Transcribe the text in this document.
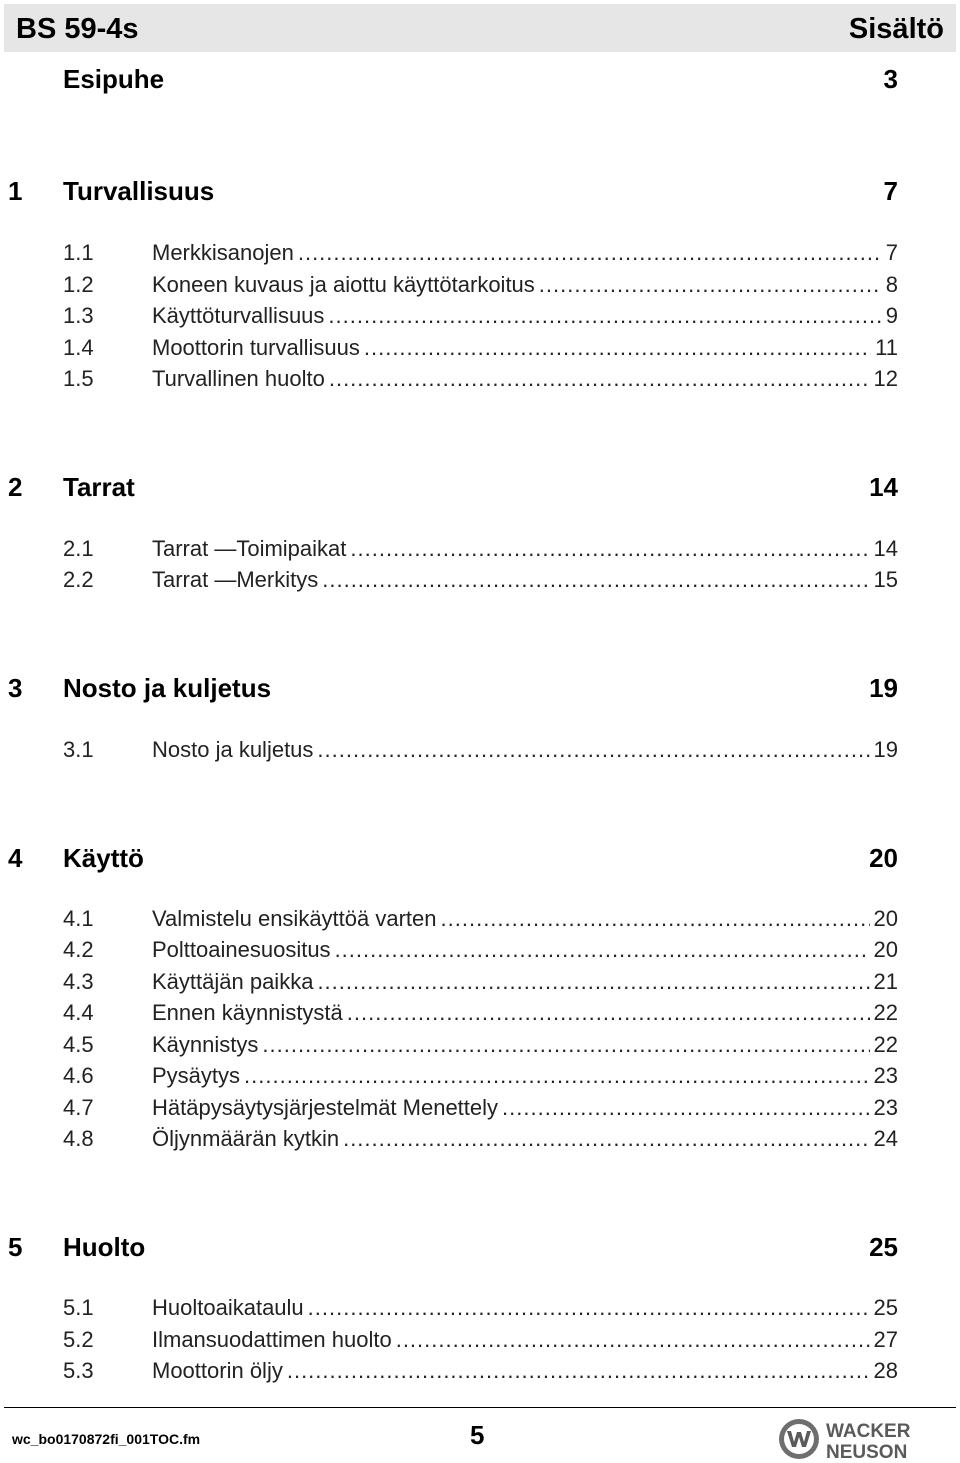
BS 59-4s	Sisältö
Esipuhe	3
1 Turvallisuus	7
1.1	Merkkisanojen .....	7
1.2	Koneen kuvaus ja aiottu käyttötarkoitus .....	8
1.3	Käyttöturvallisuus .....	9
1.4	Moottorin turvallisuus .....	11
1.5	Turvallinen huolto .....	12
2 Tarrat	14
2.1	Tarrat —Toimipaikat .....	14
2.2	Tarrat —Merkitys .....	15
3 Nosto ja kuljetus	19
3.1	Nosto ja kuljetus .....	19
4 Käyttö	20
4.1	Valmistelu ensikäyttöä varten .....	20
4.2	Polttoainesuositus .....	20
4.3	Käyttäjän paikka .....	21
4.4	Ennen käynnistystä .....	22
4.5	Käynnistys .....	22
4.6	Pysäytys .....	23
4.7	Hätäpysäytysjärjestelmät Menettely .....	23
4.8	Öljynmäärän kytkin .....	24
5 Huolto	25
5.1	Huoltoaikataulu .....	25
5.2	Ilmansuodattimen huolto .....	27
5.3	Moottorin öljy .....	28
wc_bo0170872fi_001TOC.fm	5	WACKER
NEUSON
